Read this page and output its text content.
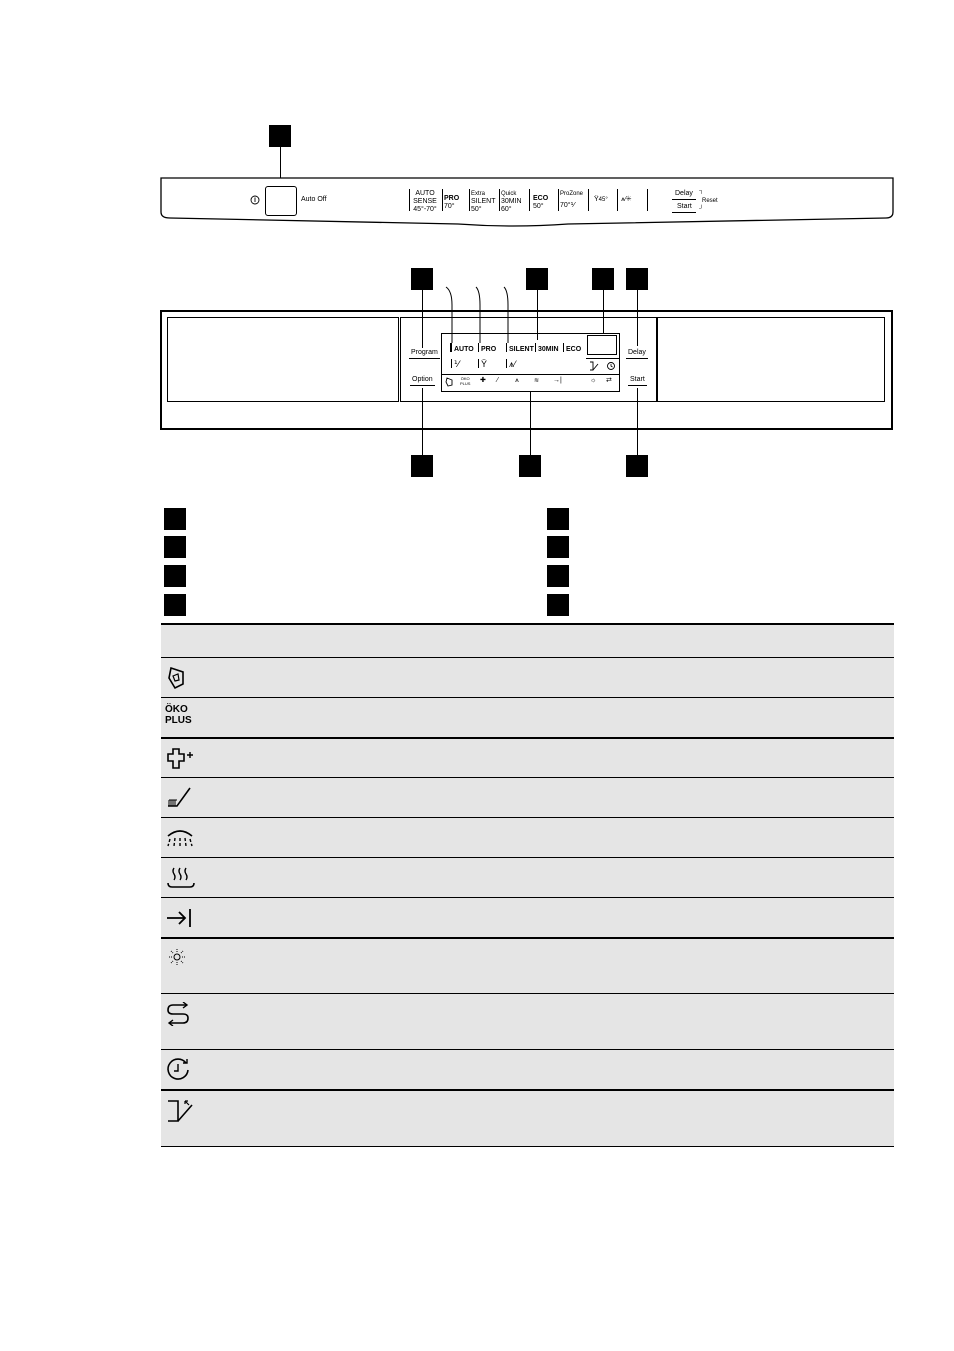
Auto Off
AUTO
SENSE
45°-70°
PRO
70°
Extra
SILENT
50°
Quick
30MIN
60°
ECO
50°
ProZone
70°⅟
Ÿ45° ⩚⁄✳
Delay
Start
┐
┘
Reset
Program
Option
Delay
Start
AUTO	PRO	SILENT 30MIN	ECO
⅟	Ÿ	⩚⁄
ÖKO
PLUS ✚ ⁄ ⩚	≋ →|	☼ ⇄
ÖKO
PLUS
